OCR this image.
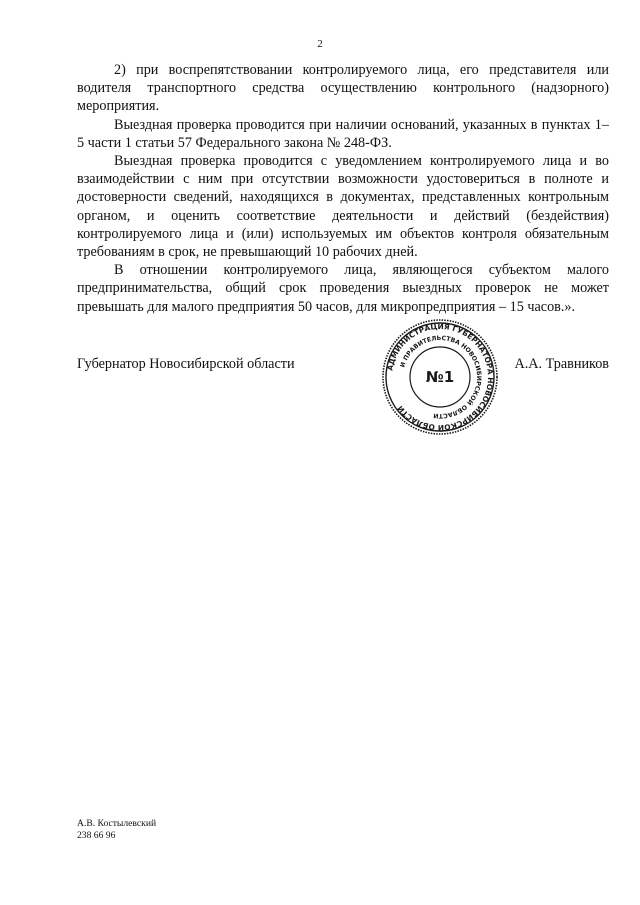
2

2) при воспрепятствовании контролируемого лица, его представителя или водителя транспортного средства осуществлению контрольного (надзорного) мероприятия.

Выездная проверка проводится при наличии оснований, указанных в пунктах 1–5 части 1 статьи 57 Федерального закона № 248-ФЗ.

Выездная проверка проводится с уведомлением контролируемого лица и во взаимодействии с ним при отсутствии возможности удостовериться в полноте и достоверности сведений, находящихся в документах, представленных контрольным органом, и оценить соответствие деятельности и действий (бездействия) контролируемого лица и (или) используемых им объектов контроля обязательным требованиям в срок, не превышающий 10 рабочих дней.

В отношении контролируемого лица, являющегося субъектом малого предпринимательства, общий срок проведения выездных проверок не может превышать для малого предприятия 50 часов, для микропредприятия – 15 часов.».

Губернатор Новосибирской области	А.А. Травников
АДМИНИСТРАЦИЯ ГУБЕРНАТОРА НОВОСИБИРСКОЙ ОБЛАСТИ
И ПРАВИТЕЛЬСТВА НОВОСИБИРСКОЙ ОБЛАСТИ
№1
А.В. Костылевский
238 66 96
